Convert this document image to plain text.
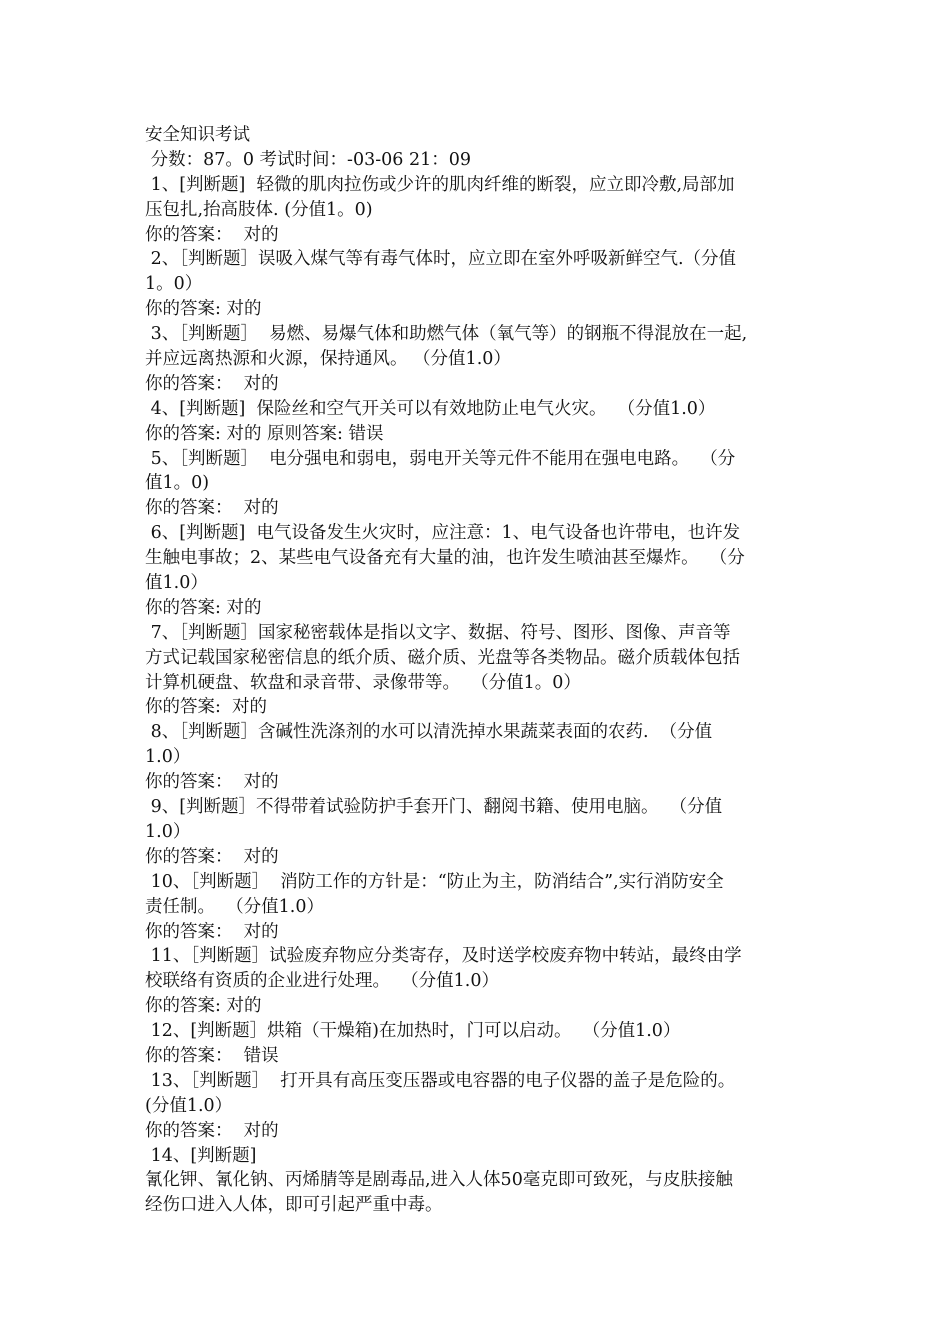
安全知识考试
分数：87。0 考试时间：-03-06 21：09
1、[判断题]  轻微的肌肉拉伤或少许的肌肉纤维的断裂，应立即冷敷,局部加
压包扎,抬高肢体. (分值1。0)
你的答案：  对的
2、［判断题］误吸入煤气等有毒气体时，应立即在室外呼吸新鲜空气.（分值
1。0）
你的答案: 对的
3、［判断题］  易燃、易爆气体和助燃气体（氧气等）的钢瓶不得混放在一起,
并应远离热源和火源，保持通风。 （分值1.0）
你的答案：  对的
4、[判断题]  保险丝和空气开关可以有效地防止电气火灾。  （分值1.0）
你的答案: 对的 原则答案: 错误
5、［判断题］  电分强电和弱电，弱电开关等元件不能用在强电电路。  （分
值1。0)
你的答案：  对的
6、[判断题]  电气设备发生火灾时，应注意：1、电气设备也许带电，也许发
生触电事故；2、某些电气设备充有大量的油，也许发生喷油甚至爆炸。  （分
值1.0）
你的答案: 对的
7、［判断题］国家秘密载体是指以文字、数据、符号、图形、图像、声音等
方式记载国家秘密信息的纸介质、磁介质、光盘等各类物品。磁介质载体包括
计算机硬盘、软盘和录音带、录像带等。  （分值1。0）
你的答案:  对的
8、［判断题］含碱性洗涤剂的水可以清洗掉水果蔬菜表面的农药.  （分值
1.0）
你的答案：  对的
9、[判断题］不得带着试验防护手套开门、翻阅书籍、使用电脑。  （分值
1.0）
你的答案：  对的
10、［判断题］  消防工作的方针是：“防止为主，防消结合”,实行消防安全
责任制。  （分值1.0）
你的答案：  对的
11、［判断题］试验废弃物应分类寄存，及时送学校废弃物中转站，最终由学
校联络有资质的企业进行处理。  （分值1.0）
你的答案: 对的
12、[判断题］烘箱（干燥箱)在加热时，门可以启动。  （分值1.0）
你的答案：  错误
13、［判断题］  打开具有高压变压器或电容器的电子仪器的盖子是危险的。
(分值1.0）
你的答案：  对的
14、[判断题]
氰化钾、氰化钠、丙烯腈等是剧毒品,进入人体50毫克即可致死，与皮肤接触
经伤口进入人体，即可引起严重中毒。
